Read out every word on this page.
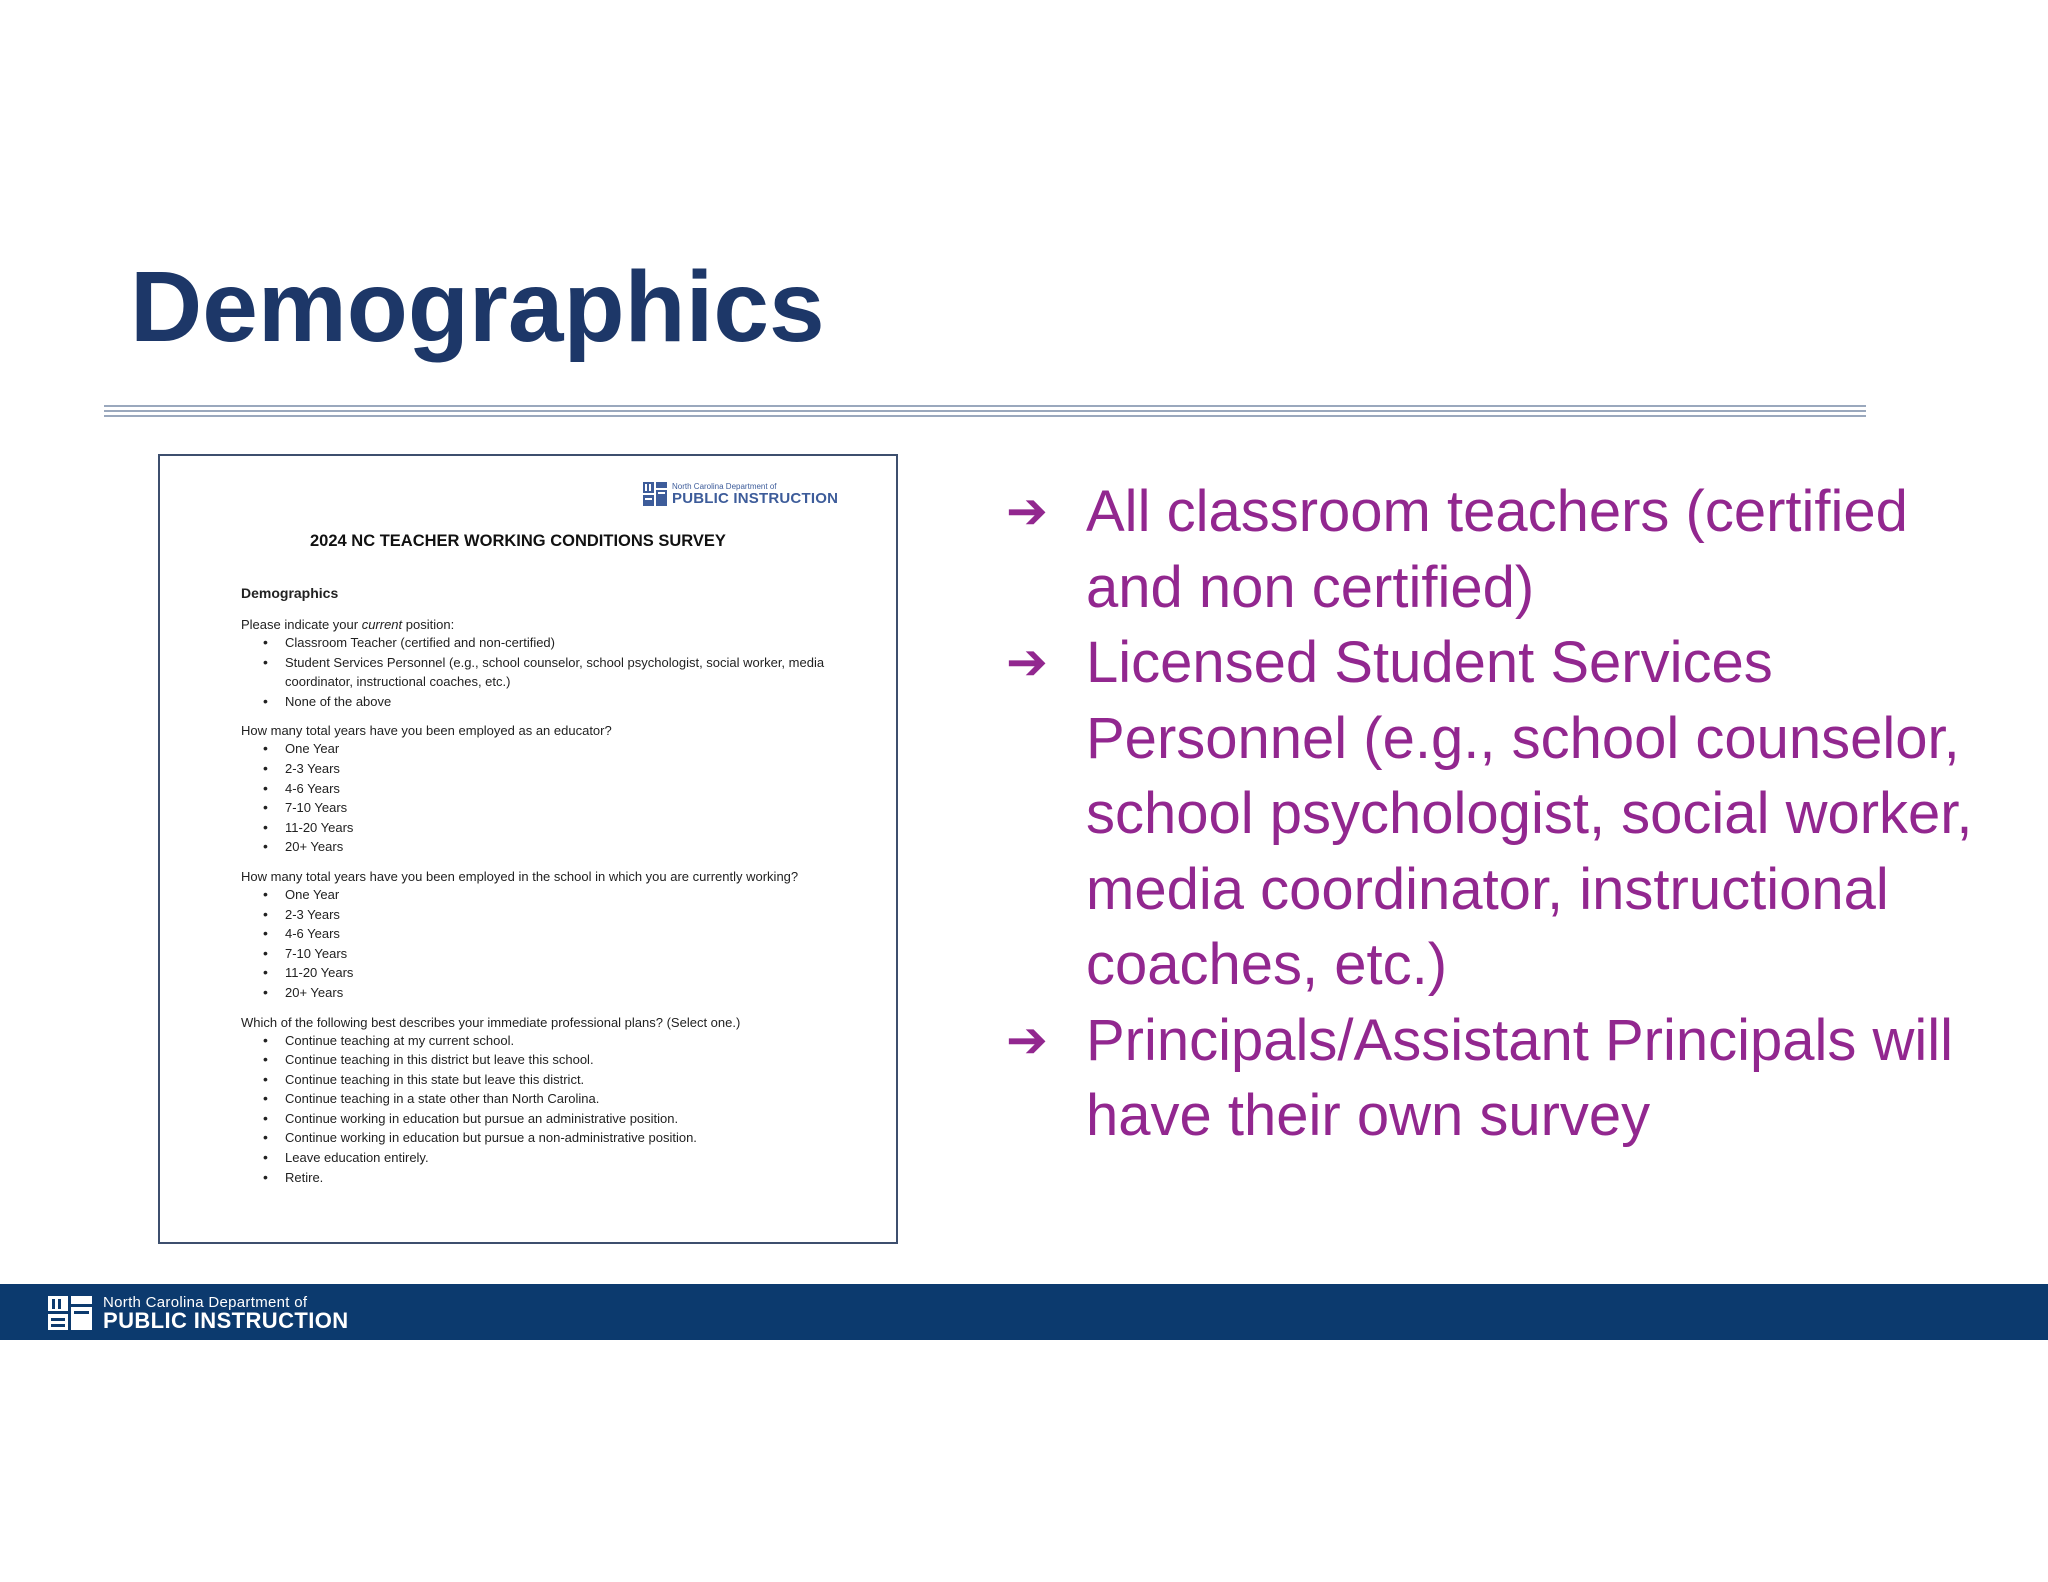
Demographics
North Carolina Department of
PUBLIC INSTRUCTION
2024 NC TEACHER WORKING CONDITIONS SURVEY
Demographics
Please indicate your current position:
• Classroom Teacher (certified and non-certified)
• Student Services Personnel (e.g., school counselor, school psychologist, social worker, media coordinator, instructional coaches, etc.)
• None of the above
How many total years have you been employed as an educator?
• One Year
• 2-3 Years
• 4-6 Years
• 7-10 Years
• 11-20 Years
• 20+ Years
How many total years have you been employed in the school in which you are currently working?
• One Year
• 2-3 Years
• 4-6 Years
• 7-10 Years
• 11-20 Years
• 20+ Years
Which of the following best describes your immediate professional plans? (Select one.)
• Continue teaching at my current school.
• Continue teaching in this district but leave this school.
• Continue teaching in this state but leave this district.
• Continue teaching in a state other than North Carolina.
• Continue working in education but pursue an administrative position.
• Continue working in education but pursue a non-administrative position.
• Leave education entirely.
• Retire.
➔ All classroom teachers (certified and non certified)
➔ Licensed Student Services Personnel (e.g., school counselor, school psychologist, social worker, media coordinator, instructional coaches, etc.)
➔ Principals/Assistant Principals will have their own survey
North Carolina Department of
PUBLIC INSTRUCTION
